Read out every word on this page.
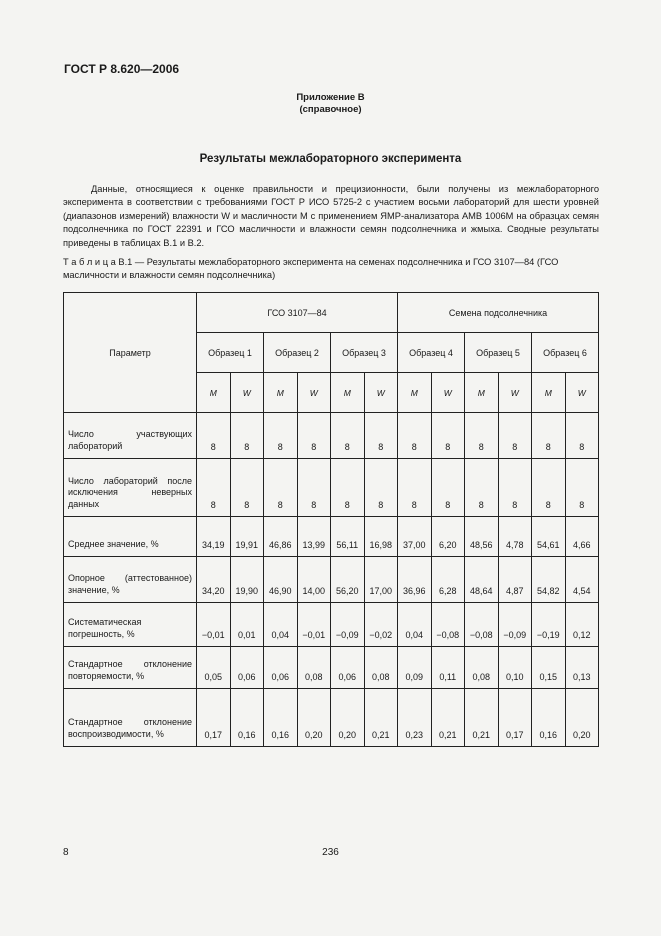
ГОСТ Р 8.620—2006
Приложение В
(справочное)
Результаты межлабораторного эксперимента

Данные, относящиеся к оценке правильности и прецизионности, были получены из межлабораторного эксперимента в соответствии с требованиями ГОСТ Р ИСО 5725-2 с участием восьми лабораторий для шести уровней (диапазонов измерений) влажности W и масличности M с применением ЯМР-анализатора АМВ 1006М на образцах семян подсолнечника по ГОСТ 22391 и ГСО масличности и влажности семян подсолнечника и жмыха. Сводные результаты приведены в таблицах В.1 и В.2.

Т а б л и ц а В.1 — Результаты межлабораторного эксперимента на семенах подсолнечника и ГСО 3107—84 (ГСО масличности и влажности семян подсолнечника)
Параметр	ГСО 3107—84						Семена подсолнечника					
	Образец 1		Образец 2		Образец 3		Образец 4		Образец 5		Образец 6	
	M	W	M	W	M	W	M	W	M	W	M	W
Число участвующих лабораторий	8	8	8	8	8	8	8	8	8	8	8	8
Число лабораторий после исключения неверных данных	8	8	8	8	8	8	8	8	8	8	8	8
Среднее значение, %	34,19	19,91	46,86	13,99	56,11	16,98	37,00	6,20	48,56	4,78	54,61	4,66
Опорное (аттестованное) значение, %	34,20	19,90	46,90	14,00	56,20	17,00	36,96	6,28	48,64	4,87	54,82	4,54
Систематическая погрешность, %	−0,01	0,01	0,04	−0,01	−0,09	−0,02	0,04	−0,08	−0,08	−0,09	−0,19	0,12
Стандартное отклонение повторяемости, %	0,05	0,06	0,06	0,08	0,06	0,08	0,09	0,11	0,08	0,10	0,15	0,13
Стандартное отклонение воспроизводимости, %	0,17	0,16	0,16	0,20	0,20	0,21	0,23	0,21	0,21	0,17	0,16	0,20
8	236
